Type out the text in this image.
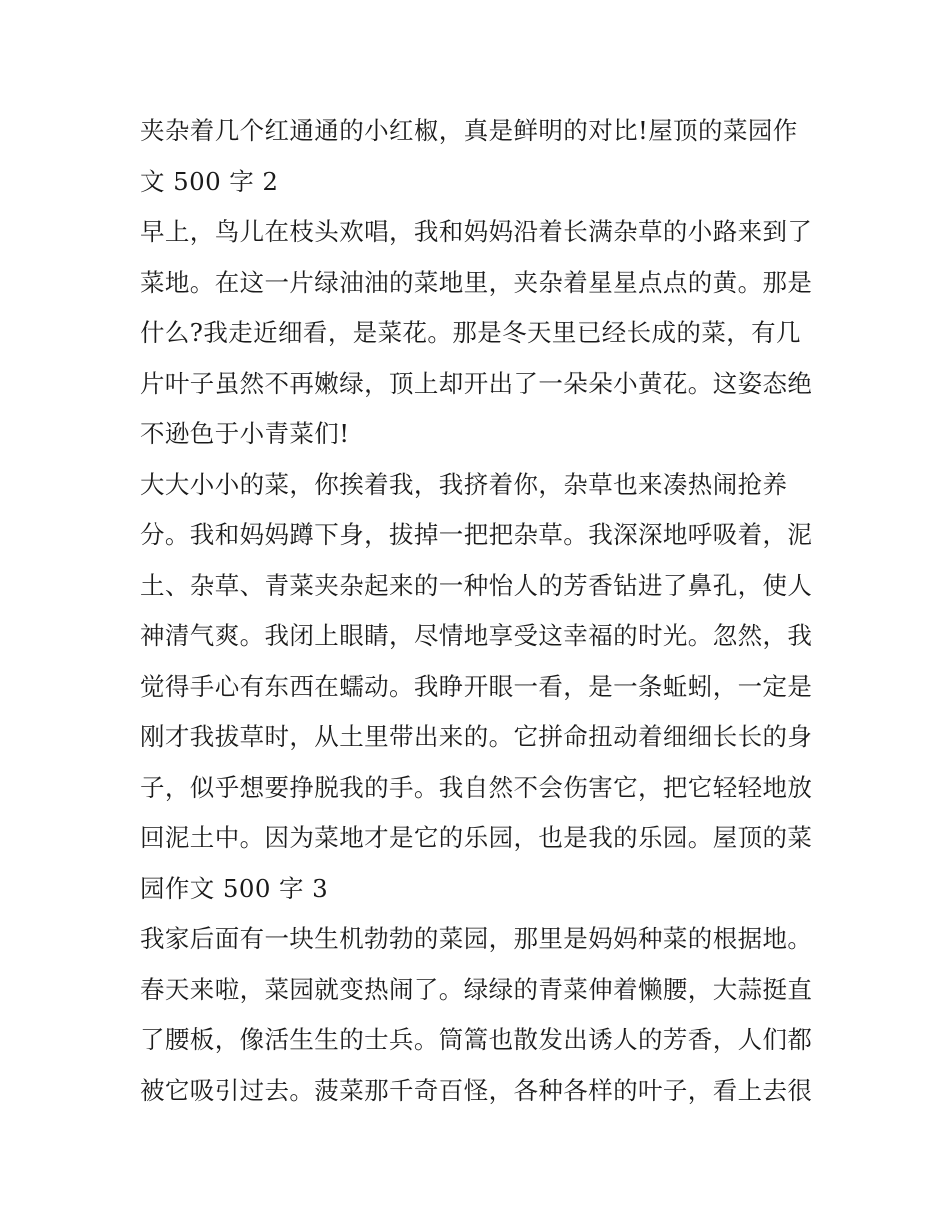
夹杂着几个红通通的小红椒，真是鲜明的对比!屋顶的菜园作
文 500 字 2
早上，鸟儿在枝头欢唱，我和妈妈沿着长满杂草的小路来到了
菜地。在这一片绿油油的菜地里，夹杂着星星点点的黄。那是
什么?我走近细看，是菜花。那是冬天里已经长成的菜，有几
片叶子虽然不再嫩绿，顶上却开出了一朵朵小黄花。这姿态绝
不逊色于小青菜们!
大大小小的菜，你挨着我，我挤着你，杂草也来凑热闹抢养
分。我和妈妈蹲下身，拔掉一把把杂草。我深深地呼吸着，泥
土、杂草、青菜夹杂起来的一种怡人的芳香钻进了鼻孔，使人
神清气爽。我闭上眼睛，尽情地享受这幸福的时光。忽然，我
觉得手心有东西在蠕动。我睁开眼一看，是一条蚯蚓，一定是
刚才我拔草时，从土里带出来的。它拼命扭动着细细长长的身
子，似乎想要挣脱我的手。我自然不会伤害它，把它轻轻地放
回泥土中。因为菜地才是它的乐园，也是我的乐园。屋顶的菜
园作文 500 字 3
我家后面有一块生机勃勃的菜园，那里是妈妈种菜的根据地。
春天来啦，菜园就变热闹了。绿绿的青菜伸着懒腰，大蒜挺直
了腰板，像活生生的士兵。筒篙也散发出诱人的芳香，人们都
被它吸引过去。菠菜那千奇百怪，各种各样的叶子，看上去很
